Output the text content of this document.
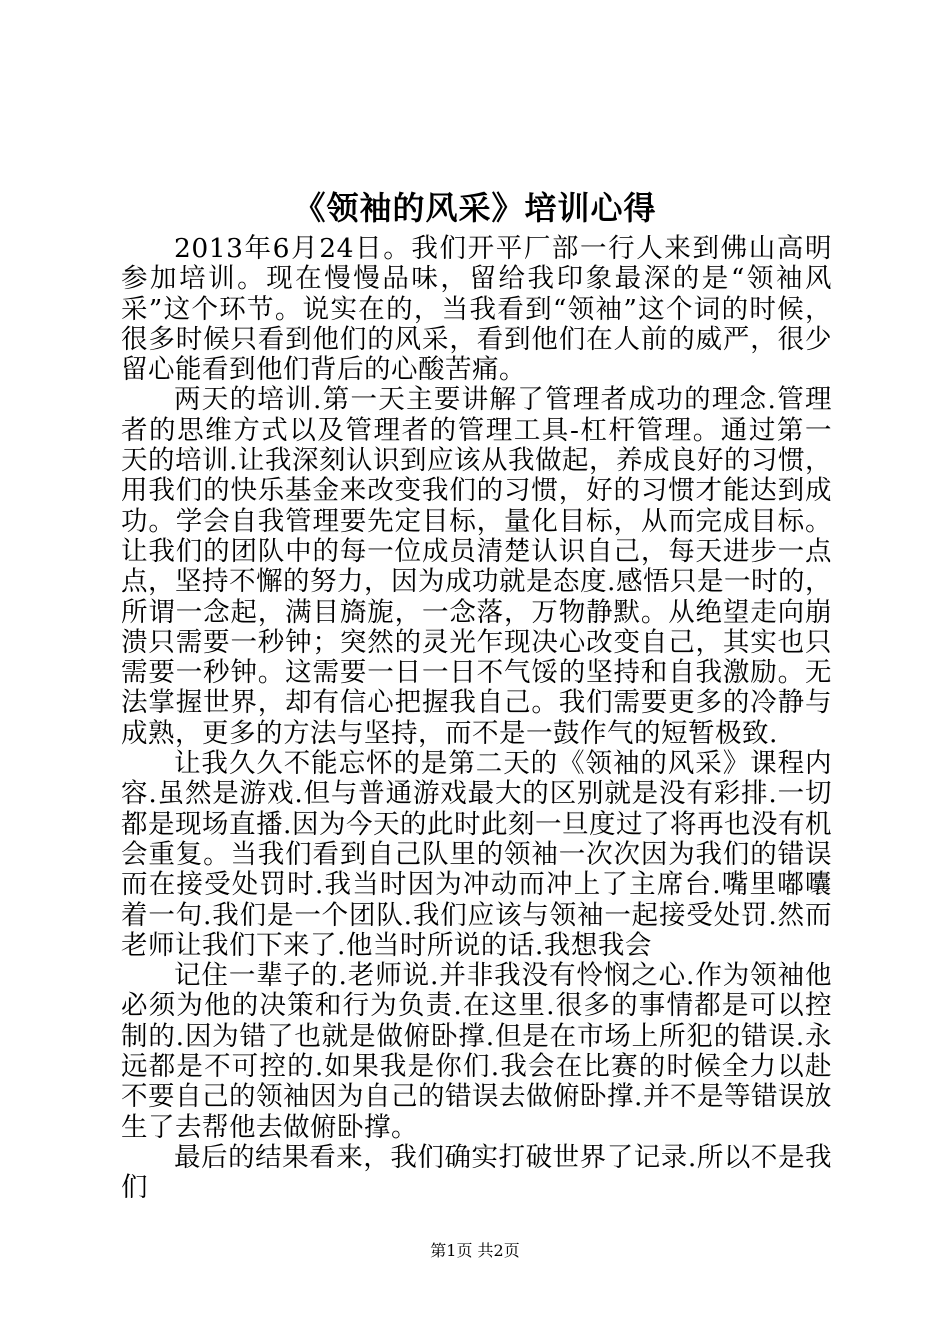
《领袖的风采》培训心得

2013年6月24日。我们开平厂部一行人来到佛山高明参加培训。现在慢慢品味，留给我印象最深的是“领袖风采”这个环节。说实在的，当我看到“领袖”这个词的时候，很多时候只看到他们的风采，看到他们在人前的威严，很少留心能看到他们背后的心酸苦痛。

两天的培训.第一天主要讲解了管理者成功的理念.管理者的思维方式以及管理者的管理工具-杠杆管理。通过第一天的培训.让我深刻认识到应该从我做起，养成良好的习惯，用我们的快乐基金来改变我们的习惯，好的习惯才能达到成功。学会自我管理要先定目标，量化目标，从而完成目标。让我们的团队中的每一位成员清楚认识自己，每天进步一点点，坚持不懈的努力，因为成功就是态度.感悟只是一时的，所谓一念起，满目旖旎，一念落，万物静默。从绝望走向崩溃只需要一秒钟；突然的灵光乍现决心改变自己，其实也只需要一秒钟。这需要一日一日不气馁的坚持和自我激励。无法掌握世界，却有信心把握我自己。我们需要更多的冷静与成熟，更多的方法与坚持，而不是一鼓作气的短暂极致.

让我久久不能忘怀的是第二天的《领袖的风采》课程内容.虽然是游戏.但与普通游戏最大的区别就是没有彩排.一切都是现场直播.因为今天的此时此刻一旦度过了将再也没有机会重复。当我们看到自己队里的领袖一次次因为我们的错误而在接受处罚时.我当时因为冲动而冲上了主席台.嘴里嘟囔着一句.我们是一个团队.我们应该与领袖一起接受处罚.然而老师让我们下来了.他当时所说的话.我想我会

记住一辈子的.老师说.并非我没有怜悯之心.作为领袖他必须为他的决策和行为负责.在这里.很多的事情都是可以控制的.因为错了也就是做俯卧撑.但是在市场上所犯的错误.永远都是不可控的.如果我是你们.我会在比赛的时候全力以赴不要自己的领袖因为自己的错误去做俯卧撑.并不是等错误放生了去帮他去做俯卧撑。

最后的结果看来，我们确实打破世界了记录.所以不是我们

第1页 共2页
